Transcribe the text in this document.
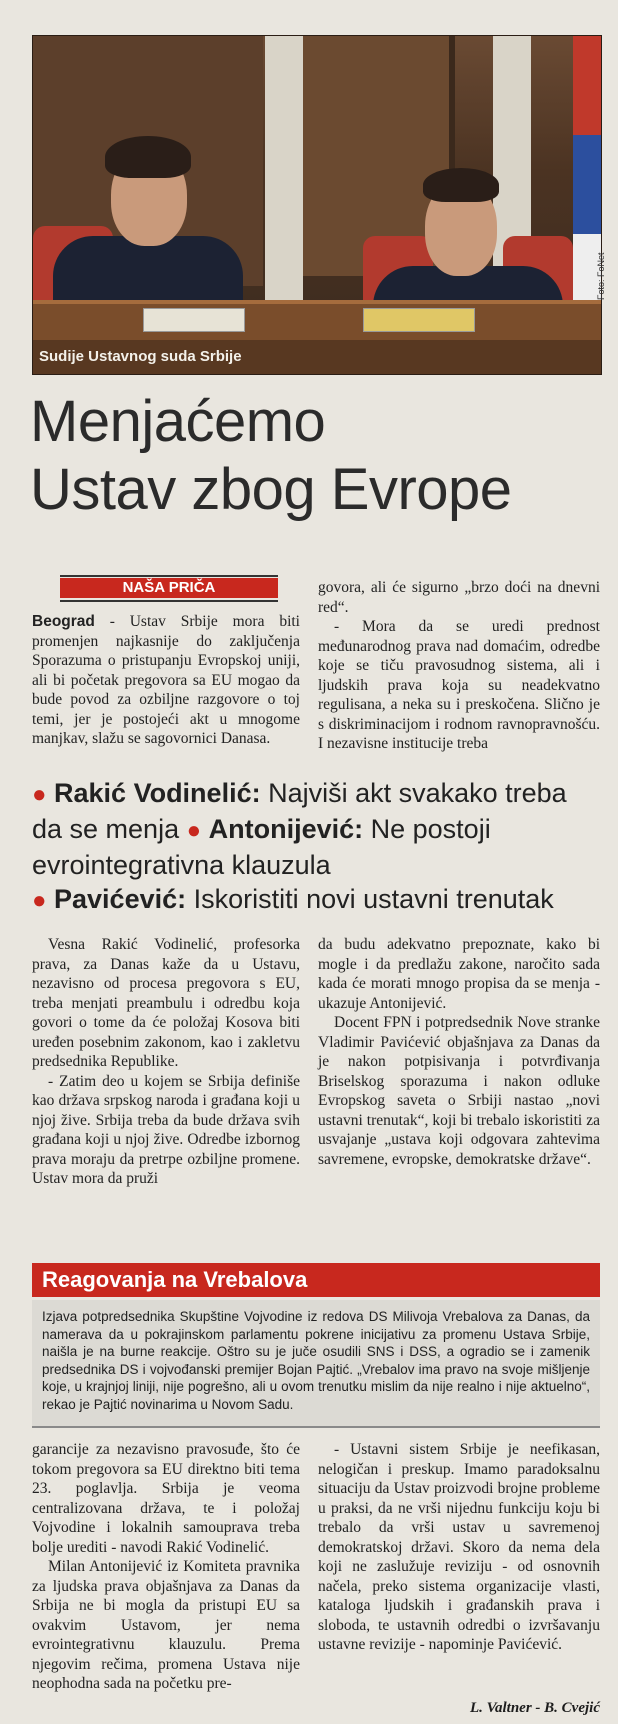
Sudije Ustavnog suda Srbije
Foto: FoNet
Menjaćemo
Ustav zbog Evrope
NAŠA PRIČA

Beograd - Ustav Srbije mora biti promenjen najkasnije do zaključenja Sporazuma o pristupanju Evropskoj uniji, ali bi početak pregovora sa EU mogao da bude povod za ozbiljne razgovore o toj temi, jer je postojeći akt u mnogome manjkav, slažu se sagovornici Danasa.

govora, ali će sigurno „brzo doći na dnevni red“.

- Mora da se uredi prednost međunarodnog prava nad domaćim, odredbe koje se tiču pravosudnog sistema, ali i ljudskih prava koja su neadekvatno regulisana, a neka su i preskočena. Slično je s diskriminacijom i rodnom ravnopravnošću. I nezavisne institucije treba

● Rakić Vodinelić: Najviši akt svakako treba da se menja ● Antonijević: Ne postoji evrointegrativna klauzula
● Pavićević: Iskoristiti novi ustavni trenutak

Vesna Rakić Vodinelić, profesorka prava, za Danas kaže da u Ustavu, nezavisno od procesa pregovora s EU, treba menjati preambulu i odredbu koja govori o tome da će položaj Kosova biti uređen posebnim zakonom, kao i zakletvu predsednika Republike.

- Zatim deo u kojem se Srbija definiše kao država srpskog naroda i građana koji u njoj žive. Srbija treba da bude država svih građana koji u njoj žive. Odredbe izbornog prava moraju da pretrpe ozbiljne promene. Ustav mora da pruži

da budu adekvatno prepoznate, kako bi mogle i da predlažu zakone, naročito sada kada će morati mnogo propisa da se menja - ukazuje Antonijević.

Docent FPN i potpredsednik Nove stranke Vladimir Pavićević objašnjava za Danas da je nakon potpisivanja i potvrđivanja Briselskog sporazuma i nakon odluke Evropskog saveta o Srbiji nastao „novi ustavni trenutak“, koji bi trebalo iskoristiti za usvajanje „ustava koji odgovara zahtevima savremene, evropske, demokratske države“.

Reagovanja na Vrebalova
Izjava potpredsednika Skupštine Vojvodine iz redova DS Milivoja Vrebalova za Danas, da namerava da u pokrajinskom parlamentu pokrene inicijativu za promenu Ustava Srbije, naišla je na burne reakcije. Oštro su je juče osudili SNS i DSS, a ogradio se i zamenik predsednika DS i vojvođanski premijer Bojan Pajtić. „Vrebalov ima pravo na svoje mišljenje koje, u krajnjoj liniji, nije pogrešno, ali u ovom trenutku mislim da nije realno i nije aktuelno“, rekao je Pajtić novinarima u Novom Sadu.

garancije za nezavisno pravosuđe, što će tokom pregovora sa EU direktno biti tema 23. poglavlja. Srbija je veoma centralizovana država, te i položaj Vojvodine i lokalnih samouprava treba bolje urediti - navodi Rakić Vodinelić.

Milan Antonijević iz Komiteta pravnika za ljudska prava objašnjava za Danas da Srbija ne bi mogla da pristupi EU sa ovakvim Ustavom, jer nema evrointegrativnu klauzulu. Prema njegovim rečima, promena Ustava nije neophodna sada na početku pre-

- Ustavni sistem Srbije je neefikasan, nelogičan i preskup. Imamo paradoksalnu situaciju da Ustav proizvodi brojne probleme u praksi, da ne vrši nijednu funkciju koju bi trebalo da vrši ustav u savremenoj demokratskoj državi. Skoro da nema dela koji ne zaslužuje reviziju - od osnovnih načela, preko sistema organizacije vlasti, kataloga ljudskih i građanskih prava i sloboda, te ustavnih odredbi o izvršavanju ustavne revizije - napominje Pavićević.

L. Valtner - B. Cvejić
